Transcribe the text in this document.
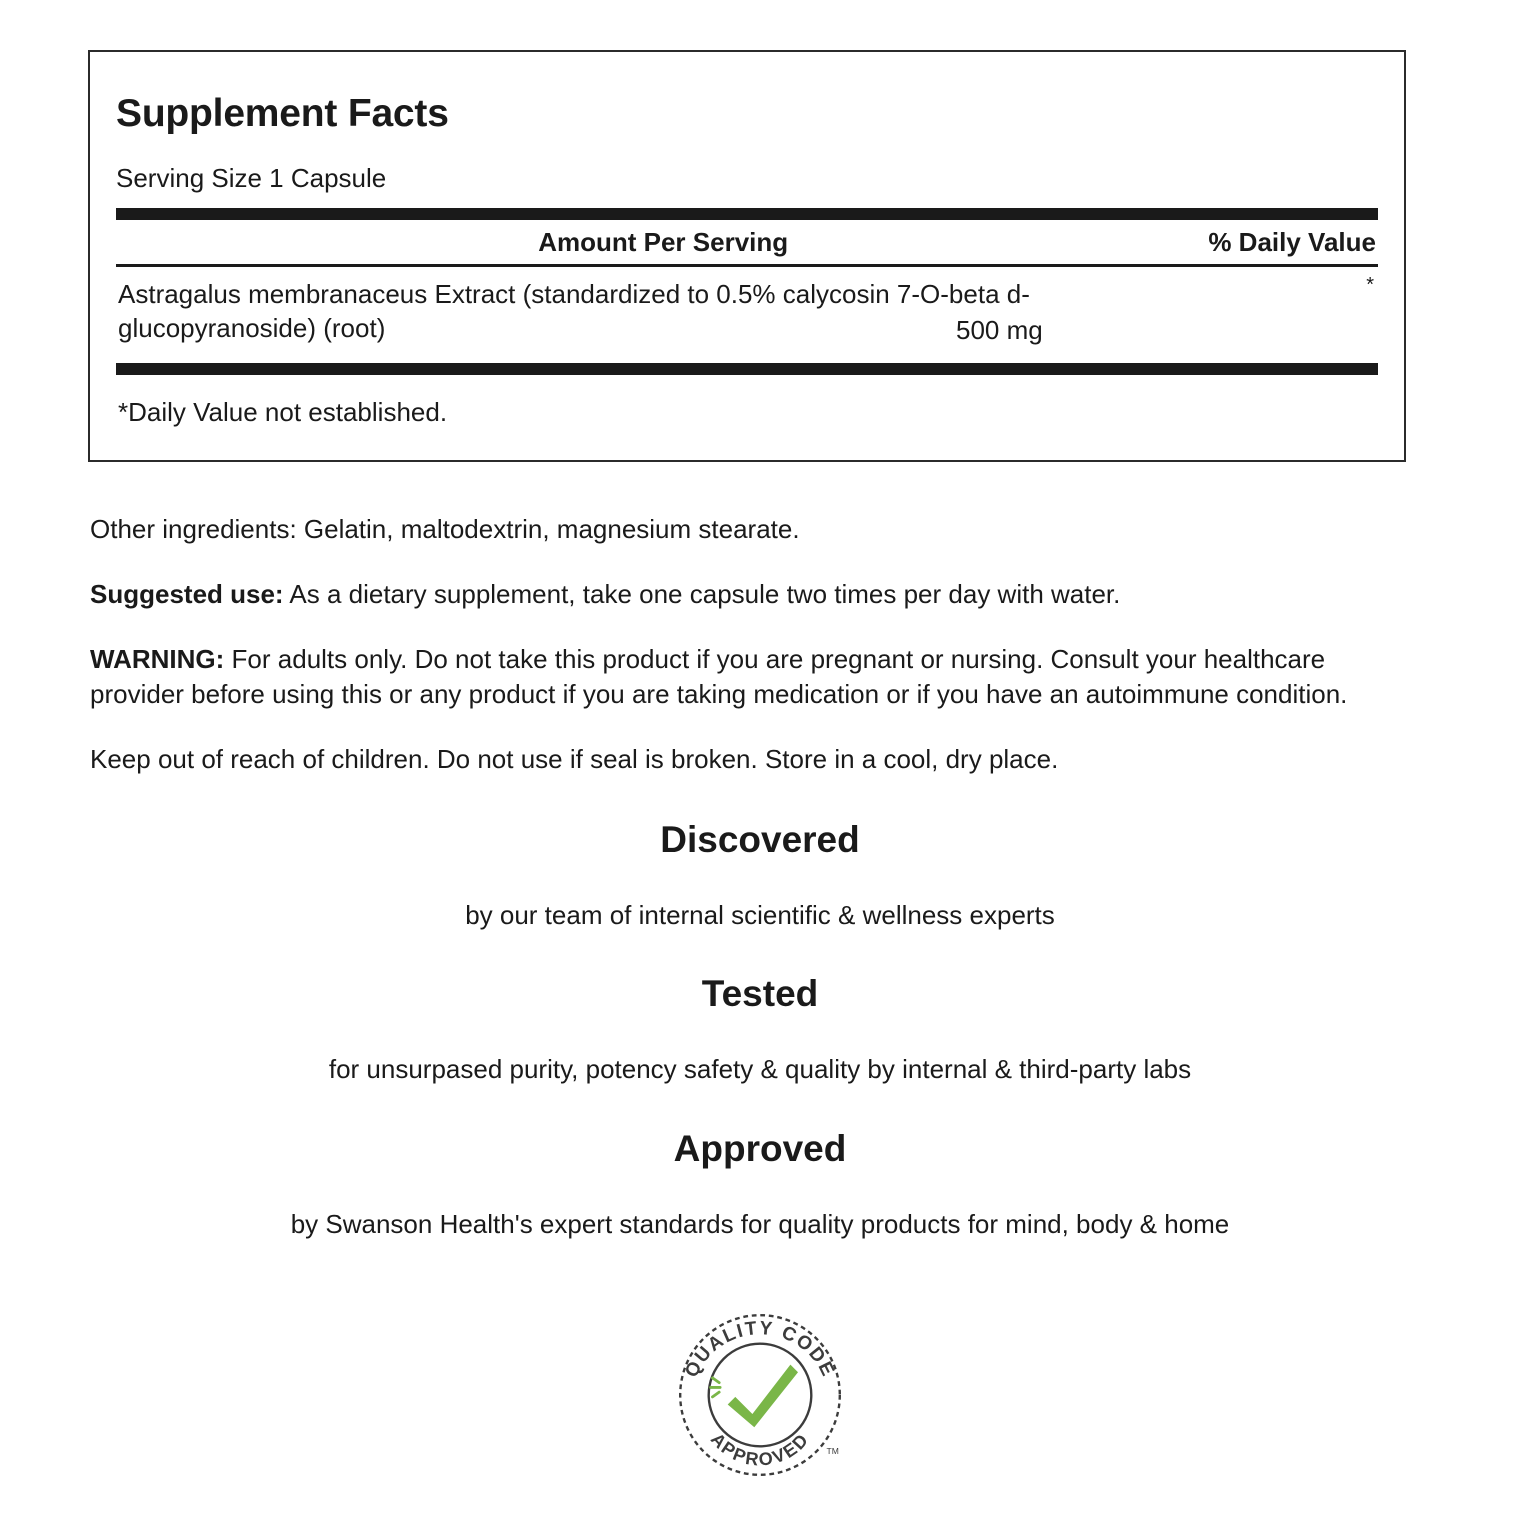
Supplement Facts
Serving Size 1 Capsule
Amount Per Serving	% Daily Value
Astragalus membranaceus Extract (standardized to 0.5% calycosin 7-O-beta d-glucopyranoside) (root)	500 mg
*
*Daily Value not established.

Other ingredients: Gelatin, maltodextrin, magnesium stearate.

Suggested use: As a dietary supplement, take one capsule two times per day with water.

WARNING: For adults only. Do not take this product if you are pregnant or nursing. Consult your healthcare provider before using this or any product if you are taking medication or if you have an autoimmune condition.

Keep out of reach of children. Do not use if seal is broken. Store in a cool, dry place.

Discovered
by our team of internal scientific & wellness experts
Tested
for unsurpased purity, potency safety & quality by internal & third-party labs
Approved
by Swanson Health's expert standards for quality products for mind, body & home
QUALITY CODE
APPROVED TM
